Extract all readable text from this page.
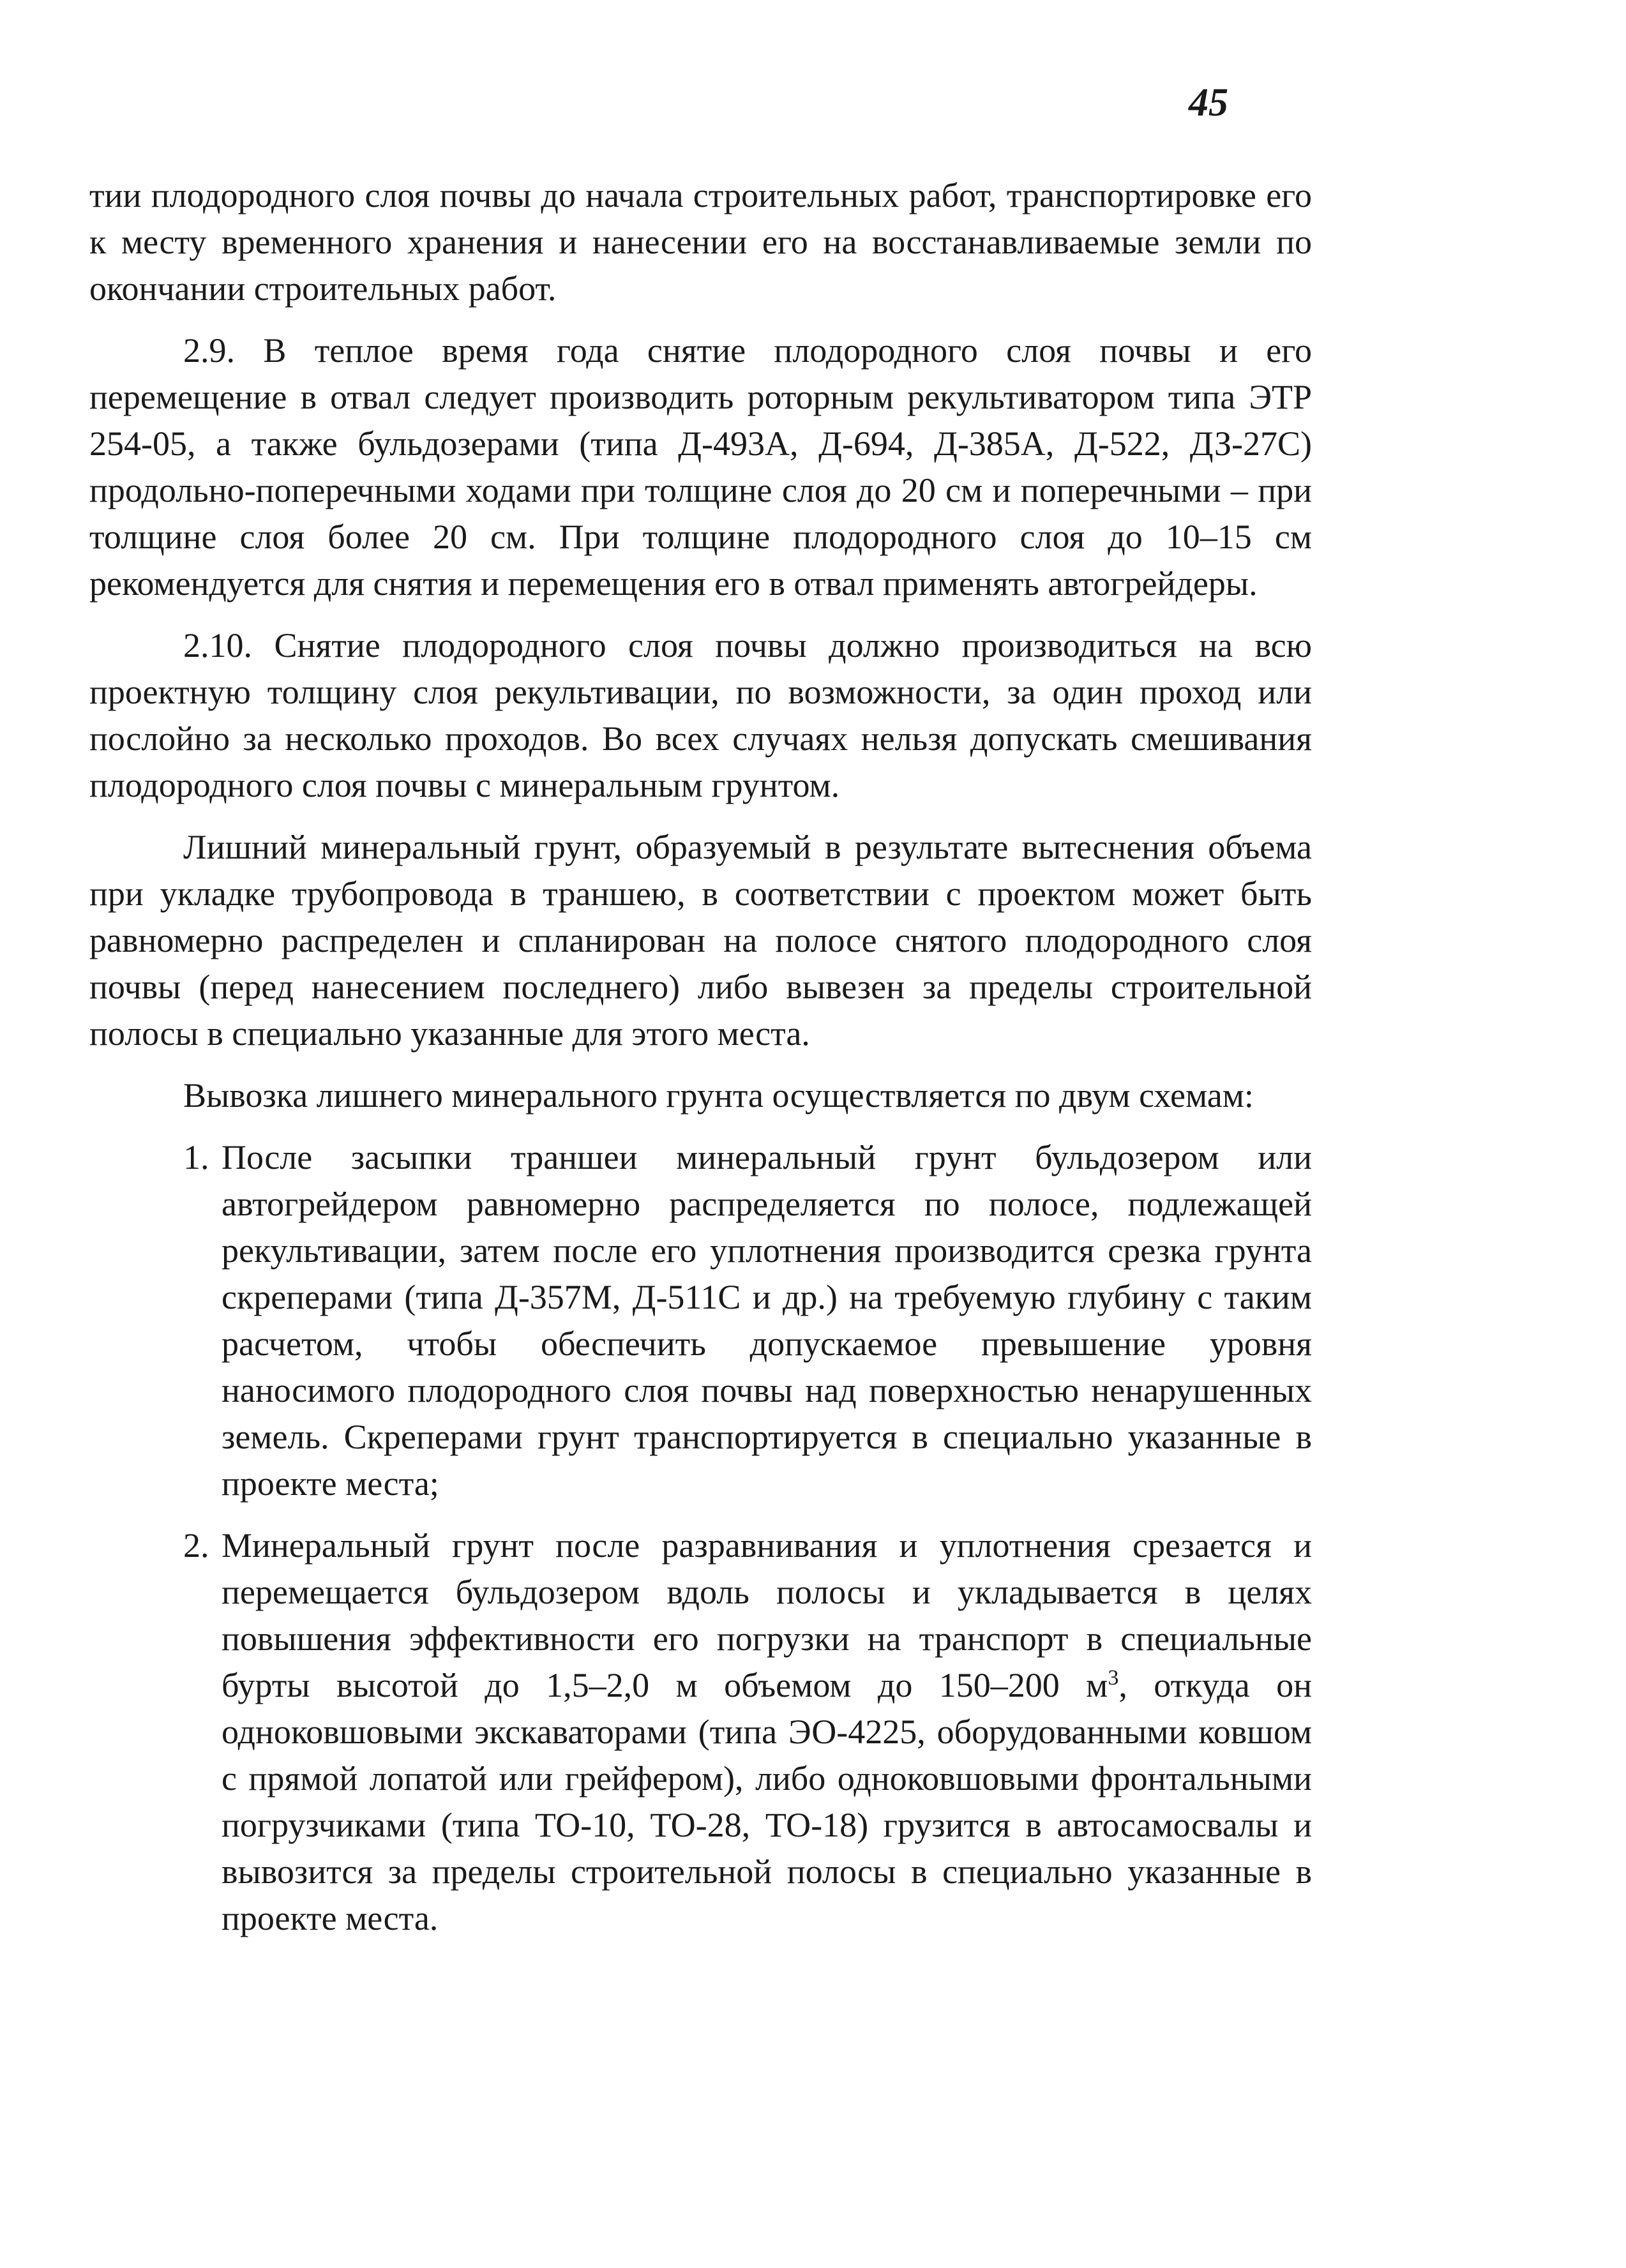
45

тии плодородного слоя почвы до начала строительных работ, транспортировке его к месту временного хранения и нанесении его на восстанавливаемые земли по окончании строительных работ.

2.9. В теплое время года снятие плодородного слоя почвы и его перемещение в отвал следует производить роторным рекультиватором типа ЭТР 254-05, а также бульдозерами (типа Д-493А, Д-694, Д-385А, Д-522, ДЗ-27С) продольно-поперечными ходами при толщине слоя до 20 см и поперечными – при толщине слоя более 20 см. При толщине плодородного слоя до 10–15 см рекомендуется для снятия и перемещения его в отвал применять автогрейдеры.

2.10. Снятие плодородного слоя почвы должно производиться на всю проектную толщину слоя рекультивации, по возможности, за один проход или послойно за несколько проходов. Во всех случаях нельзя допускать смешивания плодородного слоя почвы с минеральным грунтом.

Лишний минеральный грунт, образуемый в результате вытеснения объема при укладке трубопровода в траншею, в соответствии с проектом может быть равномерно распределен и спланирован на полосе снятого плодородного слоя почвы (перед нанесением последнего) либо вывезен за пределы строительной полосы в специально указанные для этого места.

Вывозка лишнего минерального грунта осуществляется по двум схемам:

1. После засыпки траншеи минеральный грунт бульдозером или автогрейдером равномерно распределяется по полосе, подлежащей рекультивации, затем после его уплотнения производится срезка грунта скреперами (типа Д-357М, Д-511С и др.) на требуемую глубину с таким расчетом, чтобы обеспечить допускаемое превышение уровня наносимого плодородного слоя почвы над поверхностью ненарушенных земель. Скреперами грунт транспортируется в специально указанные в проекте места;
2. Минеральный грунт после разравнивания и уплотнения срезается и перемещается бульдозером вдоль полосы и укладывается в целях повышения эффективности его погрузки на транспорт в специальные бурты высотой до 1,5–2,0 м объемом до 150–200 $м^3$, откуда он одноковшовыми экскаваторами (типа ЭО-4225, оборудованными ковшом с прямой лопатой или грейфером), либо одноковшовыми фронтальными погрузчиками (типа ТО-10, ТО-28, ТО-18) грузится в автосамосвалы и вывозится за пределы строительной полосы в специально указанные в проекте места.
